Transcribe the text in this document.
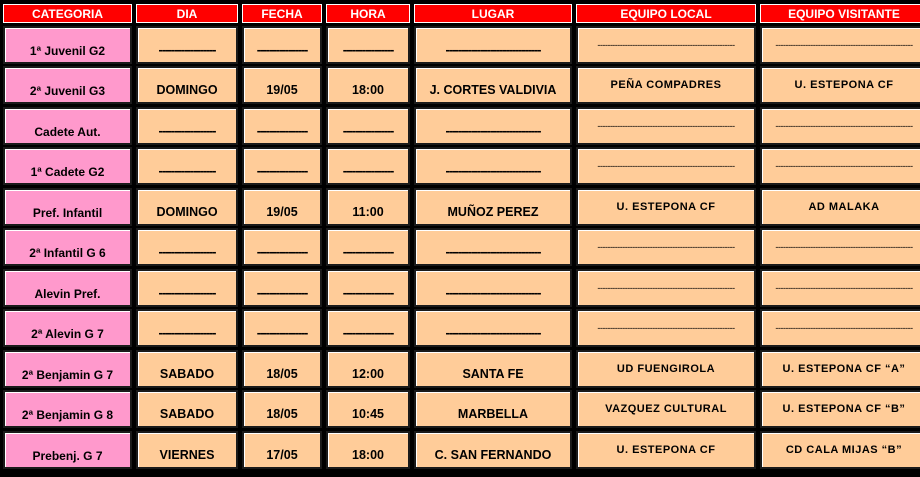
CATEGORIA	DIA	FECHA	HORA	LUGAR	EQUIPO LOCAL	EQUIPO VISITANTE
1ª Juvenil G2	------------------	----------------	----------------	------------------------------	-------------------------------------------------------	-------------------------------------------------------
2ª Juvenil G3	DOMINGO	19/05	18:00	J. CORTES VALDIVIA	PEÑA COMPADRES	U. ESTEPONA CF
Cadete Aut.	------------------	----------------	----------------	------------------------------	-------------------------------------------------------	-------------------------------------------------------
1ª Cadete G2	------------------	----------------	----------------	------------------------------	-------------------------------------------------------	-------------------------------------------------------
Pref. Infantil	DOMINGO	19/05	11:00	MUÑOZ PEREZ	U. ESTEPONA CF	AD MALAKA
2ª Infantil G 6	------------------	----------------	----------------	------------------------------	-------------------------------------------------------	-------------------------------------------------------
Alevin Pref.	------------------	----------------	----------------	------------------------------	-------------------------------------------------------	-------------------------------------------------------
2ª Alevin G 7	------------------	----------------	----------------	------------------------------	-------------------------------------------------------	-------------------------------------------------------
2ª Benjamin G 7	SABADO	18/05	12:00	SANTA FE	UD FUENGIROLA	U. ESTEPONA CF “A”
2ª Benjamin G 8	SABADO	18/05	10:45	MARBELLA	VAZQUEZ CULTURAL	U. ESTEPONA CF “B”
Prebenj. G 7	VIERNES	17/05	18:00	C. SAN FERNANDO	U. ESTEPONA CF	CD CALA MIJAS “B”
